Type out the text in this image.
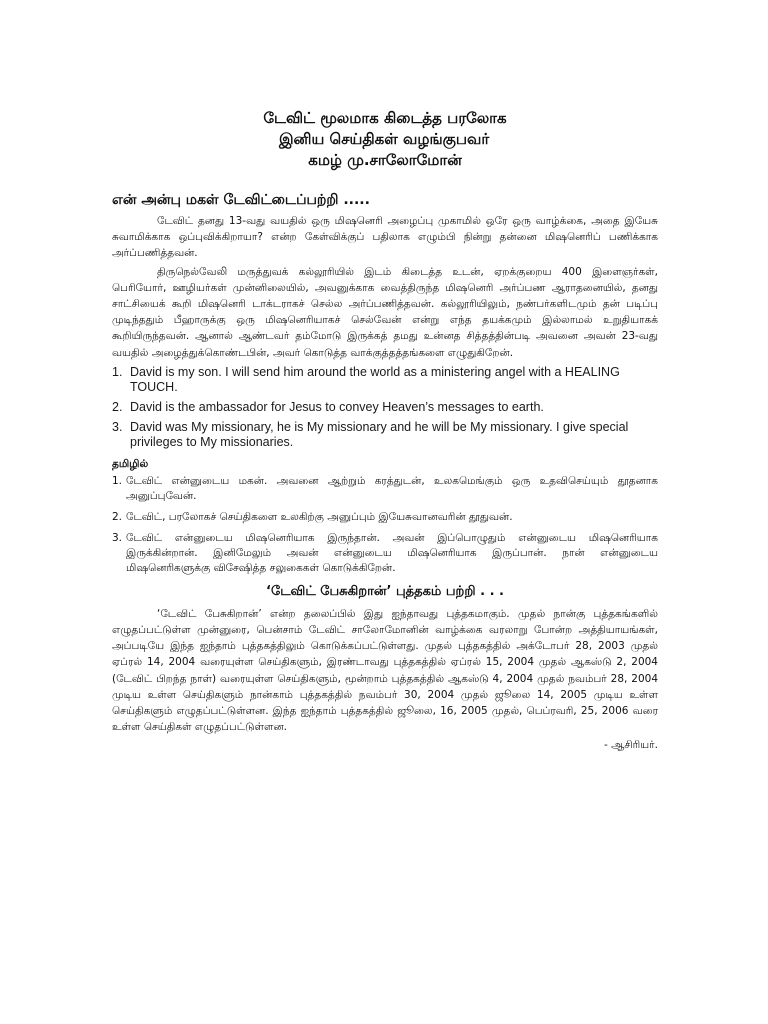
டேவிட் மூலமாக கிடைத்த பரலோக
இனிய செய்திகள் வழங்குபவா்
கமழ் மு.சாலோமோன்
என் அன்பு மகள் டேவிட்டைப்பற்றி .....

டேவிட் தனது 13-வது வயதில் ஒரு மிஷனெரி அழைப்பு முகாமில் ஒரே ஒரு வாழ்க்கை, அதை இயேசு சுவாமிக்காக ஒப்புவிக்கிறாயா? என்ற கேள்விக்குப் பதிலாக எழும்பி நின்று தன்னை மிஷனெரிப் பணிக்காக அர்ப்பணித்தவன்.

திருநெல்வேலி மருத்துவக் கல்லூரியில் இடம் கிடைத்த உடன், ஏறக்குறைய 400 இளைஞர்கள், பெரியோர், ஊழியர்கள் முன்னிலையில், அவனுக்காக வைத்திருந்த மிஷனெரி அர்ப்பண ஆராதனையில், தனது சாட்சியைக் கூறி மிஷனெரி டாக்டராகச் செல்ல அர்ப்பணித்தவன். கல்லூரியிலும், நண்பர்களிடமும் தன் படிப்பு முடிந்ததும் பீஹாருக்கு ஒரு மிஷனெரியாகச் செல்வேன் என்று எந்த தயக்கமும் இல்லாமல் உறுதியாகக் கூறியிருந்தவன். ஆனால் ஆண்டவர் தம்மோடு இருக்கத் தமது உன்னத சித்தத்தின்படி அவனை அவன் 23-வது வயதில் அழைத்துக்கொண்டபின், அவர் கொடுத்த வாக்குத்தத்தங்களை எழுதுகிறேன்.

1. David is my son. I will send him around the world as a ministering angel with a HEALING TOUCH.
2. David is the ambassador for Jesus to convey Heaven’s messages to earth.
3. David was My missionary, he is My missionary and he will be My missionary. I give special privileges to My missionaries.
தமிழில்
1. டேவிட் என்னுடைய மகன். அவனை ஆற்றும் கரத்துடன், உலகமெங்கும் ஒரு உதவிசெய்யும் தூதனாக அனுப்புவேன்.
2. டேவிட், பரலோகச் செய்திகளை உலகிற்கு அனுப்பும் இயேசுவானவரின் தூதுவன்.
3. டேவிட் என்னுடைய மிஷனெரியாக இருந்தான். அவன் இப்பொழுதும் என்னுடைய மிஷனெரியாக இருக்கின்றான். இனிமேலும் அவன் என்னுடைய மிஷனெரியாக இருப்பான். நான் என்னுடைய மிஷனெரிகளுக்கு விசேஷித்த சலுகைகள் கொடுக்கிறேன்.
‘டேவிட் பேசுகிறான்’ புத்தகம் பற்றி . . .

‘டேவிட் பேசுகிறான்’ என்ற தலைப்பில் இது ஐந்தாவது புத்தகமாகும். முதல் நான்கு புத்தகங்களில் எழுதப்பட்டுள்ள முன்னுரை, பென்சாம் டேவிட் சாலோமோனின் வாழ்க்கை வரலாறு போன்ற அத்தியாயங்கள், அப்படியே இந்த ஐந்தாம் புத்தகத்திலும் கொடுக்கப்பட்டுள்ளது. முதல் புத்தகத்தில் அக்டோபர் 28, 2003 முதல் ஏப்ரல் 14, 2004 வரையுள்ள செய்திகளும், இரண்டாவது புத்தகத்தில் ஏப்ரல் 15, 2004 முதல் ஆகஸ்டு 2, 2004 (டேவிட் பிறந்த நாள்) வரையுள்ள செய்திகளும், மூன்றாம் புத்தகத்தில் ஆகஸ்டு 4, 2004 முதல் நவம்பர் 28, 2004 முடிய உள்ள செய்திகளும் நான்காம் புத்தகத்தில் நவம்பர் 30, 2004 முதல் ஜூலை 14, 2005 முடிய உள்ள செய்திகளும் எழுதப்பட்டுள்ளன. இந்த ஐந்தாம் புத்தகத்தில் ஜூலை, 16, 2005 முதல், பெப்ரவரி, 25, 2006 வரை உள்ள செய்திகள் எழுதப்பட்டுள்ளன.

- ஆசிரியர்.
